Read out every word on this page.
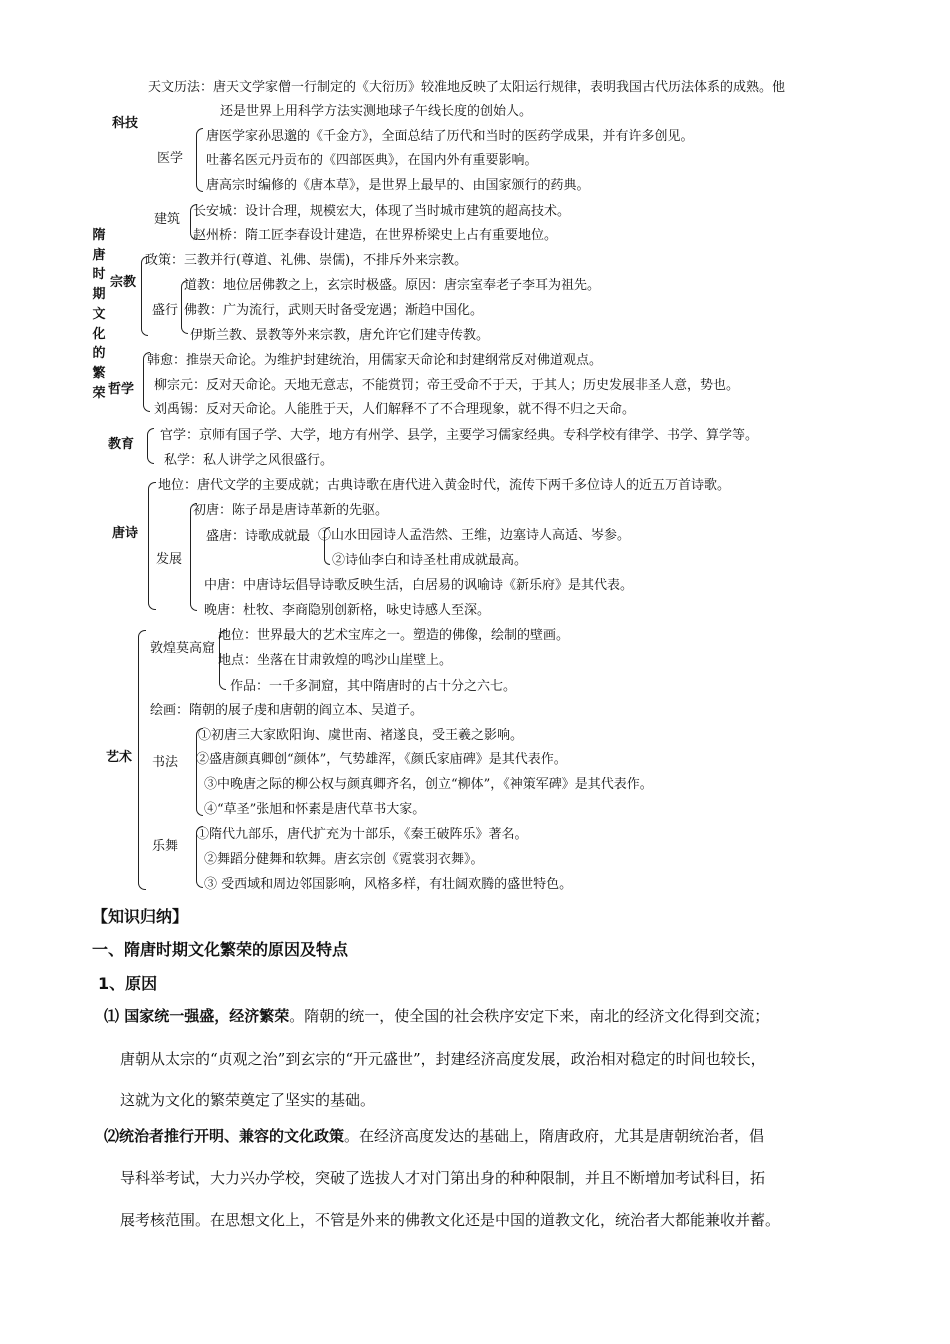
隋
唐
时
期
文
化
的
繁
荣
科技
宗教
哲学
教育
唐诗
艺术
医学
建筑
盛行
发展
敦煌莫高窟
书法
乐舞
天文历法：唐天文学家僧一行制定的《大衍历》较准地反映了太阳运行规律，表明我国古代历法体系的成熟。他
还是世界上用科学方法实测地球子午线长度的创始人。
唐医学家孙思邈的《千金方》，全面总结了历代和当时的医药学成果，并有许多创见。
吐蕃名医元丹贡布的《四部医典》，在国内外有重要影响。
唐高宗时编修的《唐本草》，是世界上最早的、由国家颁行的药典。
长安城：设计合理，规模宏大，体现了当时城市建筑的超高技术。
赵州桥：隋工匠李春设计建造，在世界桥梁史上占有重要地位。
政策：三教并行(尊道、礼佛、崇儒)，不排斥外来宗教。
道教：地位居佛教之上，玄宗时极盛。原因：唐宗室奉老子李耳为祖先。
佛教：广为流行，武则天时备受宠遇；渐趋中国化。
伊斯兰教、景教等外来宗教，唐允许它们建寺传教。
韩愈：推崇天命论。为维护封建统治，用儒家天命论和封建纲常反对佛道观点。
柳宗元：反对天命论。天地无意志，不能赏罚；帝王受命不于天，于其人；历史发展非圣人意，势也。
刘禹锡：反对天命论。人能胜于天，人们解释不了不合理现象，就不得不归之天命。
官学：京师有国子学、大学，地方有州学、县学，主要学习儒家经典。专科学校有律学、书学、算学等。
私学：私人讲学之风很盛行。
地位：唐代文学的主要成就；古典诗歌在唐代进入黄金时代，流传下两千多位诗人的近五万首诗歌。
初唐：陈子昂是唐诗革新的先驱。
盛唐：诗歌成就最 ①山水田园诗人孟浩然、王维，边塞诗人高适、岑参。
②诗仙李白和诗圣杜甫成就最高。
中唐：中唐诗坛倡导诗歌反映生活，白居易的讽喻诗《新乐府》是其代表。
晚唐：杜牧、李商隐别创新格，咏史诗感人至深。
地位：世界最大的艺术宝库之一。塑造的佛像，绘制的壁画。
地点：坐落在甘肃敦煌的鸣沙山崖壁上。
作品：一千多洞窟，其中隋唐时的占十分之六七。
绘画：隋朝的展子虔和唐朝的阎立本、吴道子。
①初唐三大家欧阳询、虞世南、褚遂良，受王羲之影响。
②盛唐颜真卿创“颜体”，气势雄浑，《颜氏家庙碑》是其代表作。
③中晚唐之际的柳公权与颜真卿齐名，创立“柳体”，《神策军碑》是其代表作。
④“草圣”张旭和怀素是唐代草书大家。
①隋代九部乐，唐代扩充为十部乐，《秦王破阵乐》著名。
②舞蹈分健舞和软舞。唐玄宗创《霓裳羽衣舞》。
③ 受西域和周边邻国影响，风格多样，有壮阔欢腾的盛世特色。
【知识归纳】
一、隋唐时期文化繁荣的原因及特点
1、原因
⑴ 国家统一强盛，经济繁荣。隋朝的统一，使全国的社会秩序安定下来，南北的经济文化得到交流；
唐朝从太宗的“贞观之治”到玄宗的“开元盛世”，封建经济高度发展，政治相对稳定的时间也较长，
这就为文化的繁荣奠定了坚实的基础。
⑵统治者推行开明、兼容的文化政策。在经济高度发达的基础上，隋唐政府，尤其是唐朝统治者，倡
导科举考试，大力兴办学校，突破了选拔人才对门第出身的种种限制，并且不断增加考试科目，拓
展考核范围。在思想文化上，不管是外来的佛教文化还是中国的道教文化，统治者大都能兼收并蓄。
